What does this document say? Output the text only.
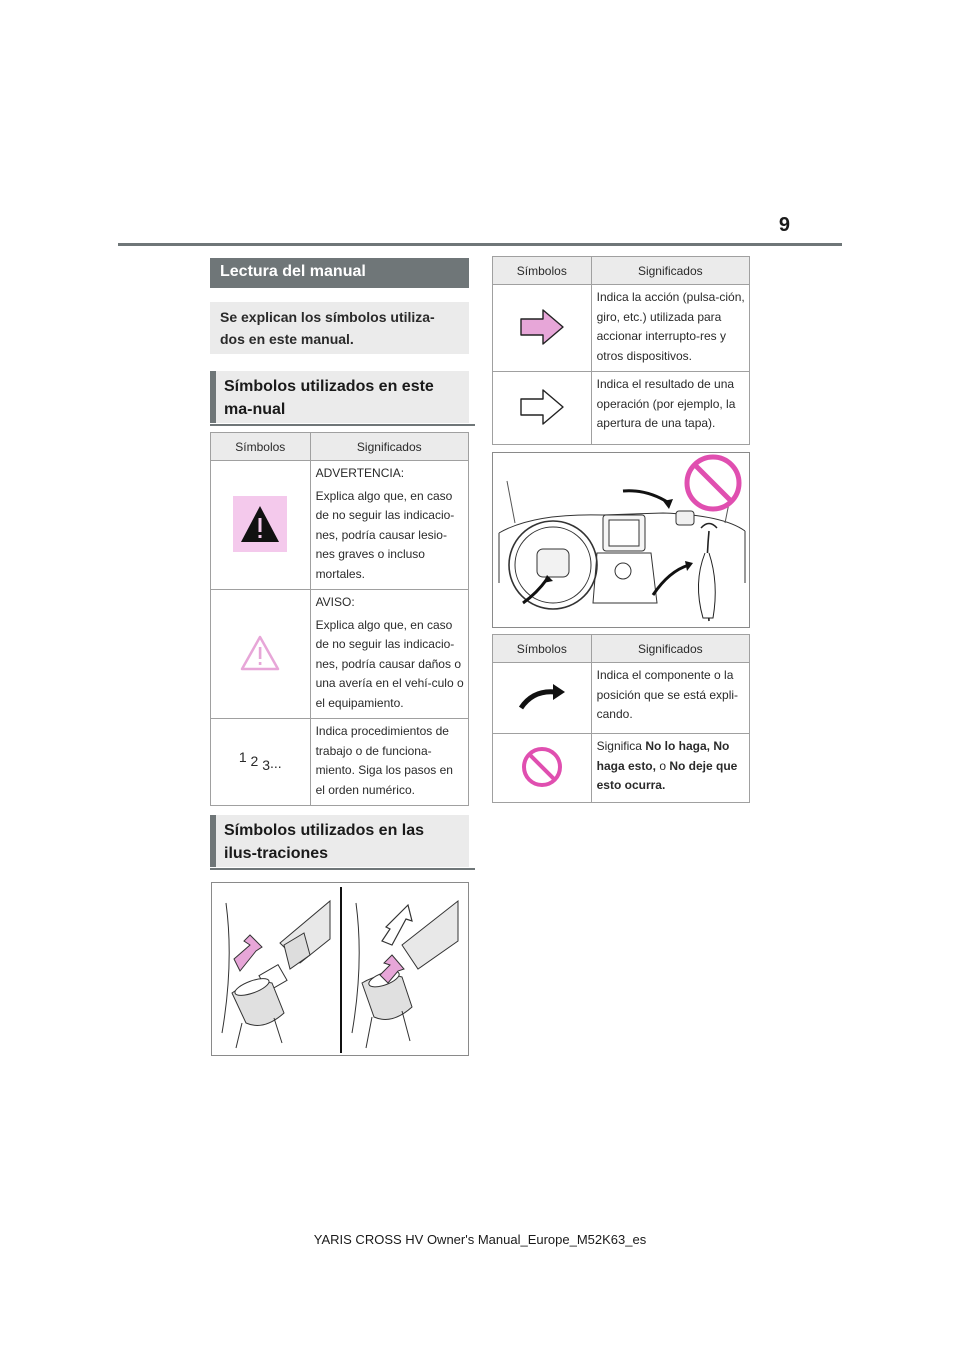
9
Lectura del manual
Se explican los símbolos utiliza-dos en este manual.
Símbolos utilizados en este ma-nual
Símbolos	Significados

ADVERTENCIA:
Explica algo que, en caso de no seguir las indicacio-nes, podría causar lesio-nes graves o incluso mortales.

AVISO:
Explica algo que, en caso de no seguir las indicacio-nes, podría causar daños o una avería en el vehí-culo o el equipamiento.

1 2 3...	Indica procedimientos de trabajo o de funciona-miento. Siga los pasos en el orden numérico.
Símbolos utilizados en las ilus-traciones
Símbolos	Significados

Indica la acción (pulsa-ción, giro, etc.) utilizada para accionar interrupto-res y otros dispositivos.

Indica el resultado de una operación (por ejemplo, la apertura de una tapa).
Símbolos	Significados

Indica el componente o la posición que se está expli-cando.

Significa No lo haga, No haga esto, o No deje que esto ocurra.
YARIS CROSS HV Owner's Manual_Europe_M52K63_es
